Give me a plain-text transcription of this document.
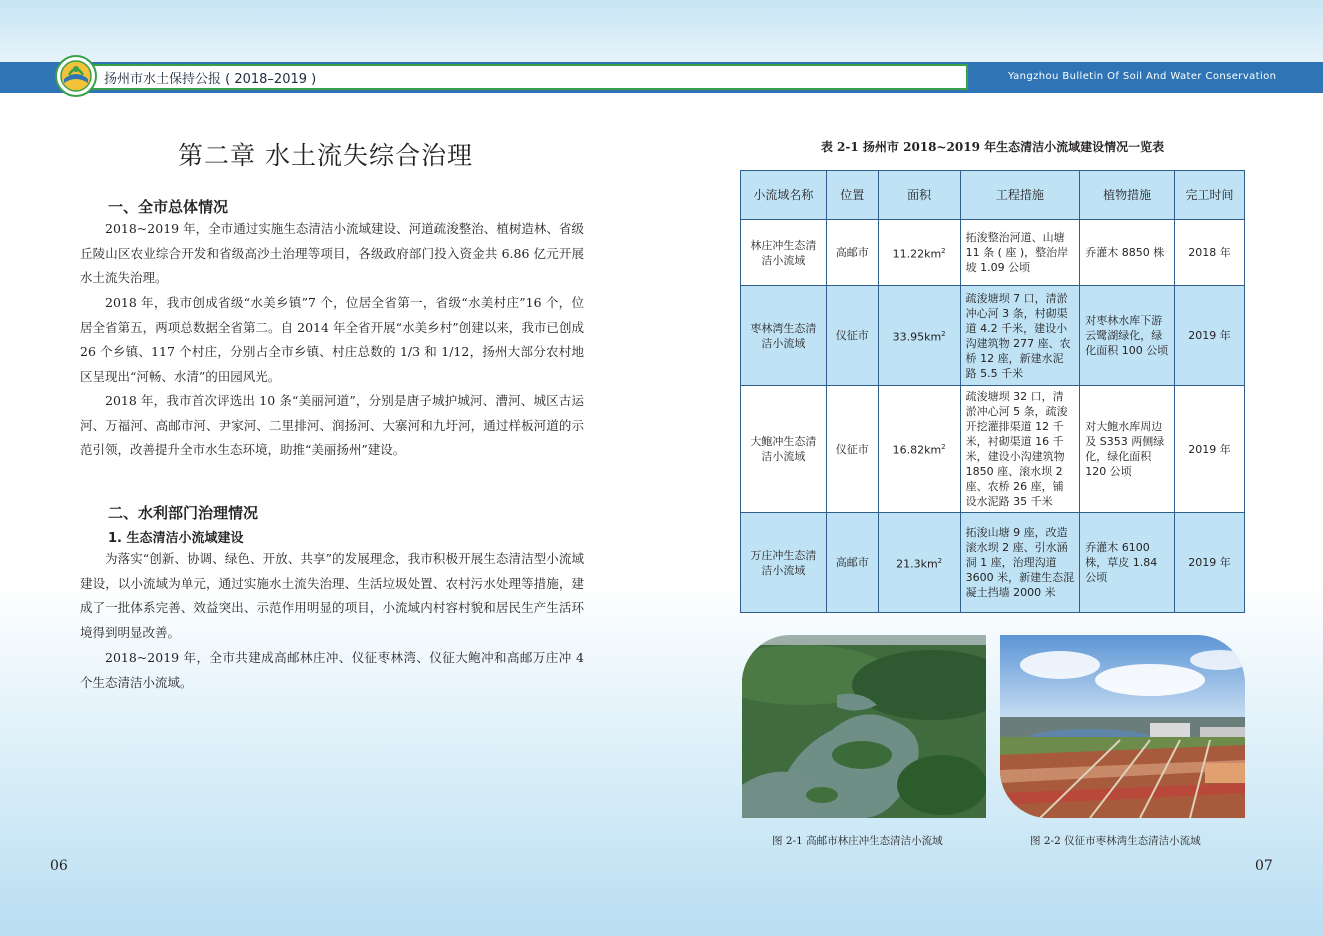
扬州市水土保持公报 ( 2018–2019 )	Yangzhou Bulletin Of Soil And Water Conservation
第二章 水土流失综合治理
一、全市总体情况

2018~2019 年，全市通过实施生态清洁小流域建设、河道疏浚整治、植树造林、省级丘陵山区农业综合开发和省级高沙土治理等项目，各级政府部门投入资金共 6.86 亿元开展水土流失治理。

2018 年，我市创成省级“水美乡镇”7 个，位居全省第一，省级“水美村庄”16 个，位居全省第五，两项总数据全省第二。自 2014 年全省开展“水美乡村”创建以来，我市已创成 26 个乡镇、117 个村庄，分别占全市乡镇、村庄总数的 1/3 和 1/12，扬州大部分农村地区呈现出“河畅、水清”的田园风光。

2018 年，我市首次评选出 10 条“美丽河道”，分别是唐子城护城河、漕河、城区古运河、万福河、高邮市河、尹家河、二里排河、润扬河、大寨河和九圩河，通过样板河道的示范引领，改善提升全市水生态环境，助推“美丽扬州”建设。

二、水利部门治理情况
1. 生态清洁小流域建设

为落实“创新、协调、绿色、开放、共享”的发展理念，我市积极开展生态清洁型小流域建设，以小流域为单元，通过实施水土流失治理、生活垃圾处置、农村污水处理等措施，建成了一批体系完善、效益突出、示范作用明显的项目，小流域内村容村貌和居民生产生活环境得到明显改善。

2018~2019 年，全市共建成高邮林庄冲、仪征枣林湾、仪征大鲍冲和高邮万庄冲 4 个生态清洁小流域。

06
表 2-1 扬州市 2018~2019 年生态清洁小流域建设情况一览表
小流域名称	位置	面积	工程措施	植物措施	完工时间
林庄冲生态清洁小流域	高邮市	$11.22km^2$	拓浚整治河道、山塘 11 条 ( 座 )，整治岸坡 1.09 公顷	乔灌木 8850 株	2018 年
枣林湾生态清洁小流域	仪征市	$33.95km^2$	疏浚塘坝 7 口，清淤冲心河 3 条，村砌渠道 4.2 千米，建设小沟建筑物 277 座、农桥 12 座，新建水泥路 5.5 千米	对枣林水库下游云鹭湖绿化，绿化面积 100 公顷	2019 年
大鲍冲生态清洁小流域	仪征市	$16.82km^2$	疏浚塘坝 32 口，清淤冲心河 5 条，疏浚开挖灌排渠道 12 千米，衬砌渠道 16 千米，建设小沟建筑物 1850 座、滚水坝 2 座、农桥 26 座，铺设水泥路 35 千米	对大鲍水库周边及 S353 两侧绿化，绿化面积 120 公顷	2019 年
万庄冲生态清洁小流域	高邮市	$21.3km^2$	拓浚山塘 9 座，改造滚水坝 2 座、引水涵洞 1 座，治理沟道 3600 米，新建生态混凝土挡墙 2000 米	乔灌木 6100 株，草皮 1.84 公顷	2019 年
图 2-1 高邮市林庄冲生态清洁小流域	图 2-2 仪征市枣林湾生态清洁小流域
07
